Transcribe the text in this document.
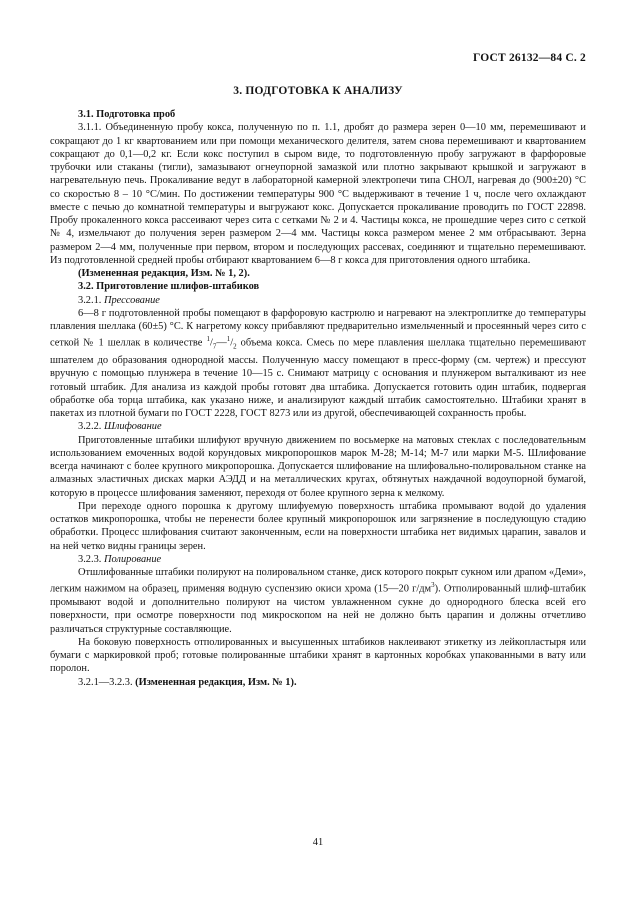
ГОСТ 26132—84 С. 2
3. ПОДГОТОВКА К АНАЛИЗУ

3.1. Подготовка проб

3.1.1. Объединенную пробу кокса, полученную по п. 1.1, дробят до размера зерен 0—10 мм, перемешивают и сокращают до 1 кг квартованием или при помощи механического делителя, затем снова перемешивают и квартованием сокращают до 0,1—0,2 кг. Если кокс поступил в сыром виде, то подготовленную пробу загружают в фарфоровые трубочки или стаканы (тигли), замазывают огнеупорной замазкой или плотно закрывают крышкой и загружают в нагревательную печь. Прокаливание ведут в лабораторной камерной электропечи типа СНОЛ, нагревая до (900±20) °С со скоростью 8 – 10 °С/мин. По достижении температуры 900 °С выдерживают в течение 1 ч, после чего охлаждают вместе с печью до комнатной температуры и выгружают кокс. Допускается прокаливание проводить по ГОСТ 22898. Пробу прокаленного кокса рассеивают через сита с сетками № 2 и 4. Частицы кокса, не прошедшие через сито с сеткой № 4, измельчают до получения зерен размером 2—4 мм. Частицы кокса размером менее 2 мм отбрасывают. Зерна размером 2—4 мм, полученные при первом, втором и последующих рассевах, соединяют и тщательно перемешивают. Из подготовленной средней пробы отбирают квартованием 6—8 г кокса для приготовления одного штабика.

(Измененная редакция, Изм. № 1, 2).

3.2. Приготовление шлифов-штабиков

3.2.1. Прессование

6—8 г подготовленной пробы помещают в фарфоровую кастрюлю и нагревают на электроплитке до температуры плавления шеллака (60±5) °С. К нагретому коксу прибавляют предварительно измельченный и просеянный через сито с сеткой № 1 шеллак в количестве $^1/_7—^1/_2$ объема кокса. Смесь по мере плавления шеллака тщательно перемешивают шпателем до образования однородной массы. Полученную массу помещают в пресс-форму (см. чертеж) и прессуют вручную с помощью плунжера в течение 10—15 с. Снимают матрицу с основания и плунжером выталкивают из нее готовый штабик. Для анализа из каждой пробы готовят два штабика. Допускается готовить один штабик, подвергая обработке оба торца штабика, как указано ниже, и анализируют каждый штабик самостоятельно. Штабики хранят в пакетах из плотной бумаги по ГОСТ 2228, ГОСТ 8273 или из другой, обеспечивающей сохранность пробы.

3.2.2. Шлифование

Приготовленные штабики шлифуют вручную движением по восьмерке на матовых стеклах с последовательным использованием емоченных водой корундовых микропорошков марок М-28; М-14; М-7 или марки М-5. Шлифование всегда начинают с более крупного микропорошка. Допускается шлифование на шлифовально-полировальном станке на алмазных эластичных дисках марки АЭДД и на металлических кругах, обтянутых наждачной водоупорной бумагой, которую в процессе шлифования заменяют, переходя от более крупного зерна к мелкому.

При переходе одного порошка к другому шлифуемую поверхность штабика промывают водой до удаления остатков микропорошка, чтобы не перенести более крупный микропорошок или загрязнение в последующую стадию обработки. Процесс шлифования считают законченным, если на поверхности штабика нет видимых царапин, завалов и на ней четко видны границы зерен.

3.2.3. Полирование

Отшлифованные штабики полируют на полировальном станке, диск которого покрыт сукном или драпом «Деми», легким нажимом на образец, применяя водную суспензию окиси хрома (15—20 $г/дм^3$). Отполированный шлиф-штабик промывают водой и дополнительно полируют на чистом увлажненном сукне до однородного блеска всей его поверхности, при осмотре поверхности под микроскопом на ней не должно быть царапин и должны отчетливо различаться структурные составляющие.

На боковую поверхность отполированных и высушенных штабиков наклеивают этикетку из лейкопластыря или бумаги с маркировкой проб; готовые полированные штабики хранят в картонных коробках упакованными в вату или поролон.

3.2.1—3.2.3. (Измененная редакция, Изм. № 1).

41
